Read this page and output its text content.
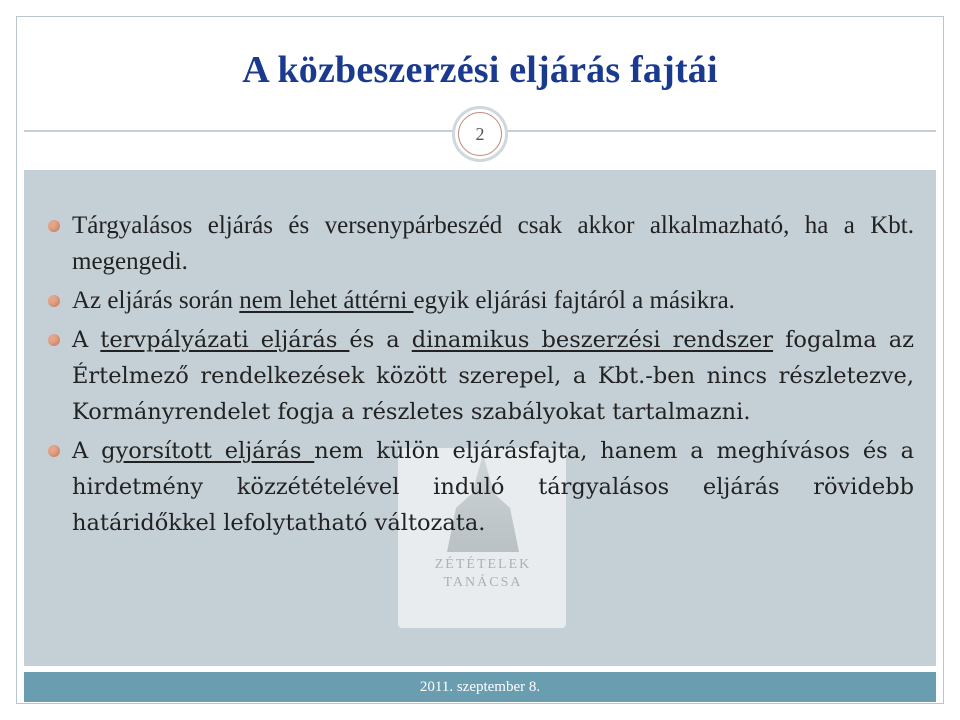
A közbeszerzési eljárás fajtái
2
ZÉTÉTELEK
TANÁCSA
Tárgyalásos eljárás és versenypárbeszéd csak akkor alkalmazható, ha a Kbt. megengedi.
Az eljárás során nem lehet áttérni egyik eljárási fajtáról a másikra.
A tervpályázati eljárás és a dinamikus beszerzési rendszer fogalma az Értelmező rendelkezések között szerepel, a Kbt.-ben nincs részletezve, Kormányrendelet fogja a részletes szabályokat tartalmazni.
A gyorsított eljárás nem külön eljárásfajta, hanem a meghívásos és a hirdetmény közzétételével induló tárgyalásos eljárás rövidebb határidőkkel lefolytatható változata.
2011. szeptember 8.
